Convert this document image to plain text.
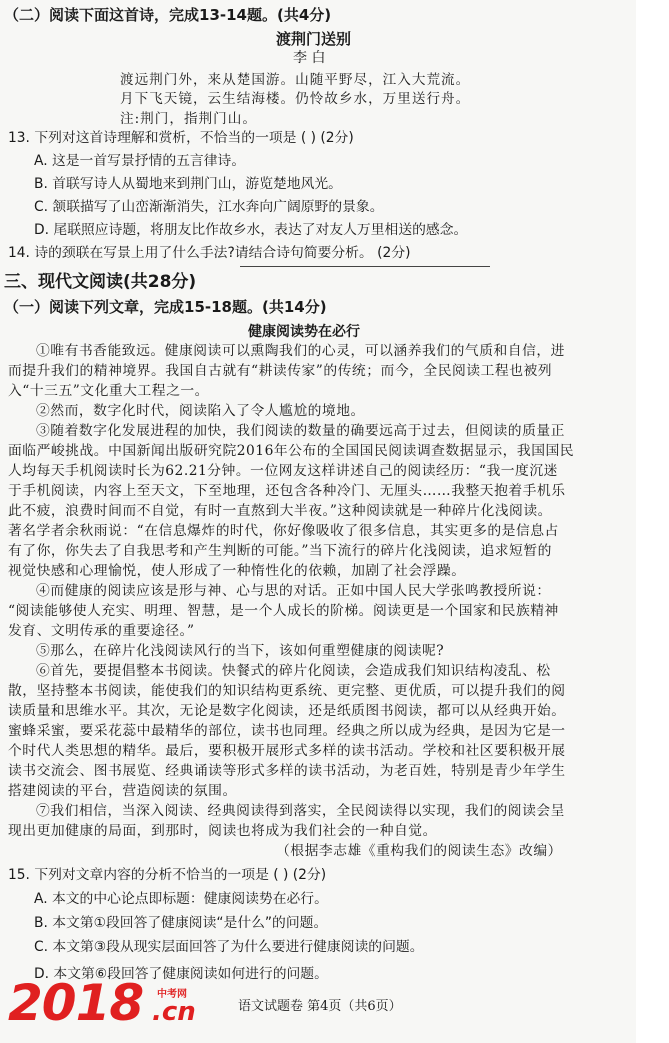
（二）阅读下面这首诗，完成13-14题。(共4分)
渡荆门送别
李 白
渡远荆门外，来从楚国游。山随平野尽，江入大荒流。
月下飞天镜，云生结海楼。仍怜故乡水，万里送行舟。
注:荆门，指荆门山。
13. 下列对这首诗理解和赏析，不恰当的一项是 ( ) (2分)
A. 这是一首写景抒情的五言律诗。
B. 首联写诗人从蜀地来到荆门山，游览楚地风光。
C. 颔联描写了山峦渐渐消失，江水奔向广阔原野的景象。
D. 尾联照应诗题，将朋友比作故乡水，表达了对友人万里相送的感念。
14. 诗的颈联在写景上用了什么手法?请结合诗句简要分析。 (2分)
三、现代文阅读(共28分)
（一）阅读下列文章，完成15-18题。(共14分)
健康阅读势在必行
①唯有书香能致远。健康阅读可以熏陶我们的心灵，可以涵养我们的气质和自信，进
而提升我们的精神境界。我国自古就有“耕读传家”的传统；而今，全民阅读工程也被列
入“十三五”文化重大工程之一。
②然而，数字化时代，阅读陷入了令人尴尬的境地。
③随着数字化发展进程的加快，我们阅读的数量的确要远高于过去，但阅读的质量正
面临严峻挑战。中国新闻出版研究院2016年公布的全国国民阅读调查数据显示，我国国民
人均每天手机阅读时长为62.21分钟。一位网友这样讲述自己的阅读经历：“我一度沉迷
于手机阅读，内容上至天文，下至地理，还包含各种冷门、无厘头……我整天抱着手机乐
此不疲，浪费时间而不自觉，有时一直熬到大半夜。”这种阅读就是一种碎片化浅阅读。
著名学者余秋雨说：“在信息爆炸的时代，你好像吸收了很多信息，其实更多的是信息占
有了你，你失去了自我思考和产生判断的可能。”当下流行的碎片化浅阅读，追求短暂的
视觉快感和心理愉悦，使人形成了一种惰性化的依赖，加剧了社会浮躁。
④而健康的阅读应该是形与神、心与思的对话。正如中国人民大学张鸣教授所说：
“阅读能够使人充实、明理、智慧，是一个人成长的阶梯。阅读更是一个国家和民族精神
发育、文明传承的重要途径。”
⑤那么，在碎片化浅阅读风行的当下，该如何重塑健康的阅读呢?
⑥首先，要提倡整本书阅读。快餐式的碎片化阅读，会造成我们知识结构凌乱、松
散，坚持整本书阅读，能使我们的知识结构更系统、更完整、更优质，可以提升我们的阅
读质量和思维水平。其次，无论是数字化阅读，还是纸质图书阅读，都可以从经典开始。
蜜蜂采蜜，要采花蕊中最精华的部位，读书也同理。经典之所以成为经典，是因为它是一
个时代人类思想的精华。最后，要积极开展形式多样的读书活动。学校和社区要积极开展
读书交流会、图书展览、经典诵读等形式多样的读书活动，为老百姓，特别是青少年学生
搭建阅读的平台，营造阅读的氛围。
⑦我们相信，当深入阅读、经典阅读得到落实，全民阅读得以实现，我们的阅读会呈
现出更加健康的局面，到那时，阅读也将成为我们社会的一种自觉。
（根据李志雄《重构我们的阅读生态》改编）
15. 下列对文章内容的分析不恰当的一项是 ( ) (2分)
A. 本文的中心论点即标题：健康阅读势在必行。
B. 本文第①段回答了健康阅读“是什么”的问题。
C. 本文第③段从现实层面回答了为什么要进行健康阅读的问题。
D. 本文第⑥段回答了健康阅读如何进行的问题。
2018 中考网
.cn	语文试题卷 第4页（共6页）
